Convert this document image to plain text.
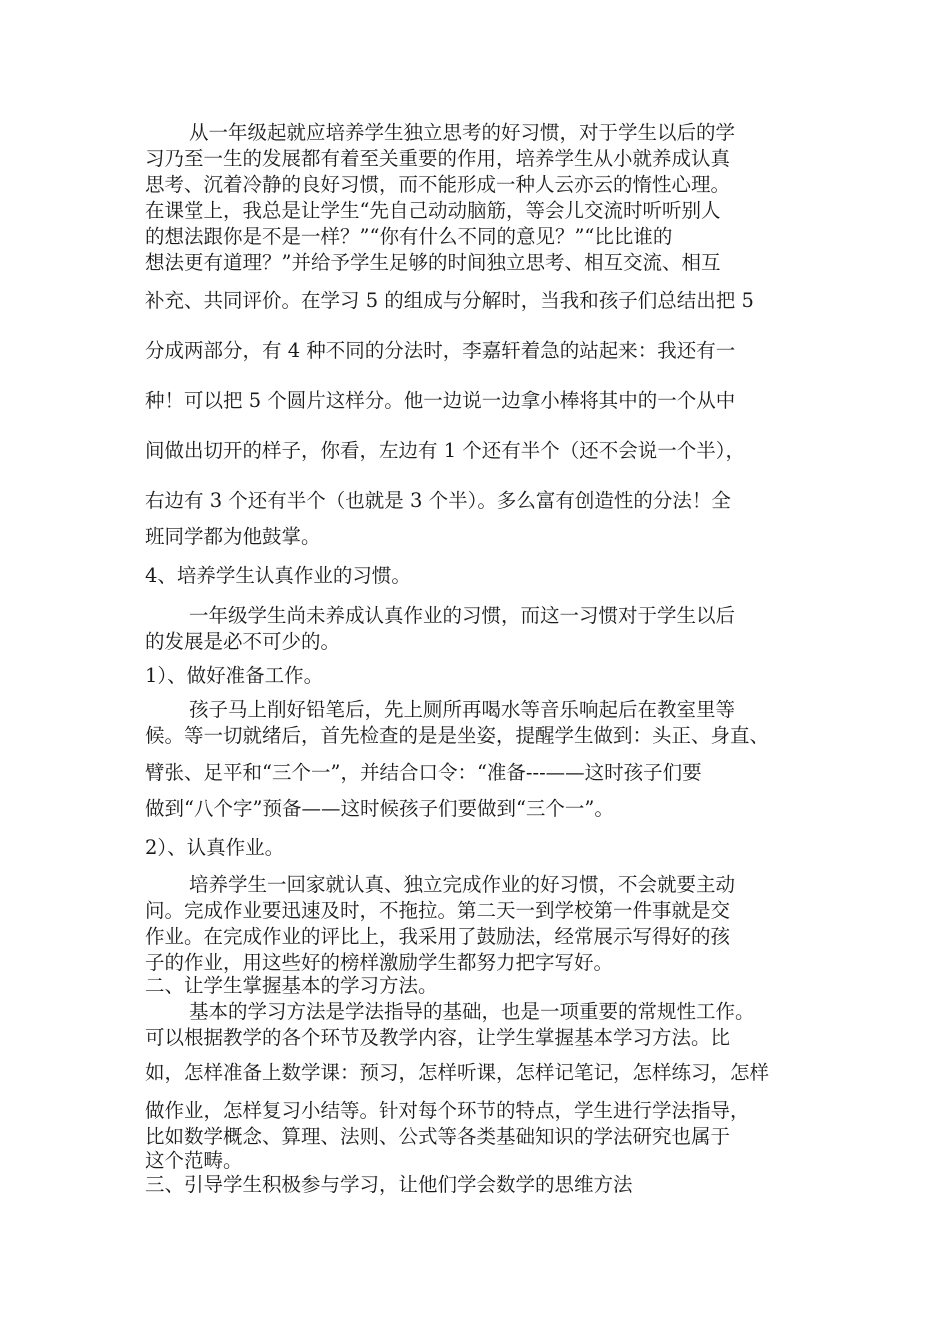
从一年级起就应培养学生独立思考的好习惯，对于学生以后的学

习乃至一生的发展都有着至关重要的作用，培养学生从小就养成认真

思考、沉着冷静的良好习惯，而不能形成一种人云亦云的惰性心理。

在课堂上，我总是让学生“先自己动动脑筋，等会儿交流时听听别人

的想法跟你是不是一样？”“你有什么不同的意见？”“比比谁的

想法更有道理？”并给予学生足够的时间独立思考、相互交流、相互

补充、共同评价。在学习 5 的组成与分解时，当我和孩子们总结出把 5

分成两部分，有 4 种不同的分法时，李嘉轩着急的站起来：我还有一

种！可以把 5 个圆片这样分。他一边说一边拿小棒将其中的一个从中

间做出切开的样子，你看，左边有 1 个还有半个（还不会说一个半），

右边有 3 个还有半个（也就是 3 个半）。多么富有创造性的分法！全

班同学都为他鼓掌。

4、培养学生认真作业的习惯。

一年级学生尚未养成认真作业的习惯，而这一习惯对于学生以后

的发展是必不可少的。

1）、做好准备工作。

孩子马上削好铅笔后，先上厕所再喝水等音乐响起后在教室里等

候。等一切就绪后，首先检查的是是坐姿，提醒学生做到：头正、身直、

臂张、足平和“三个一”，并结合口令：“准备---——这时孩子们要

做到“八个字”预备——这时候孩子们要做到“三个一”。

2）、认真作业。

培养学生一回家就认真、独立完成作业的好习惯，不会就要主动

问。完成作业要迅速及时，不拖拉。第二天一到学校第一件事就是交

作业。在完成作业的评比上，我采用了鼓励法，经常展示写得好的孩

子的作业，用这些好的榜样激励学生都努力把字写好。

二、让学生掌握基本的学习方法。

基本的学习方法是学法指导的基础，也是一项重要的常规性工作。

可以根据教学的各个环节及教学内容，让学生掌握基本学习方法。比

如，怎样准备上数学课：预习，怎样听课，怎样记笔记，怎样练习，怎样

做作业，怎样复习小结等。针对每个环节的特点，学生进行学法指导，

比如数学概念、算理、法则、公式等各类基础知识的学法研究也属于

这个范畴。

三、引导学生积极参与学习，让他们学会数学的思维方法
